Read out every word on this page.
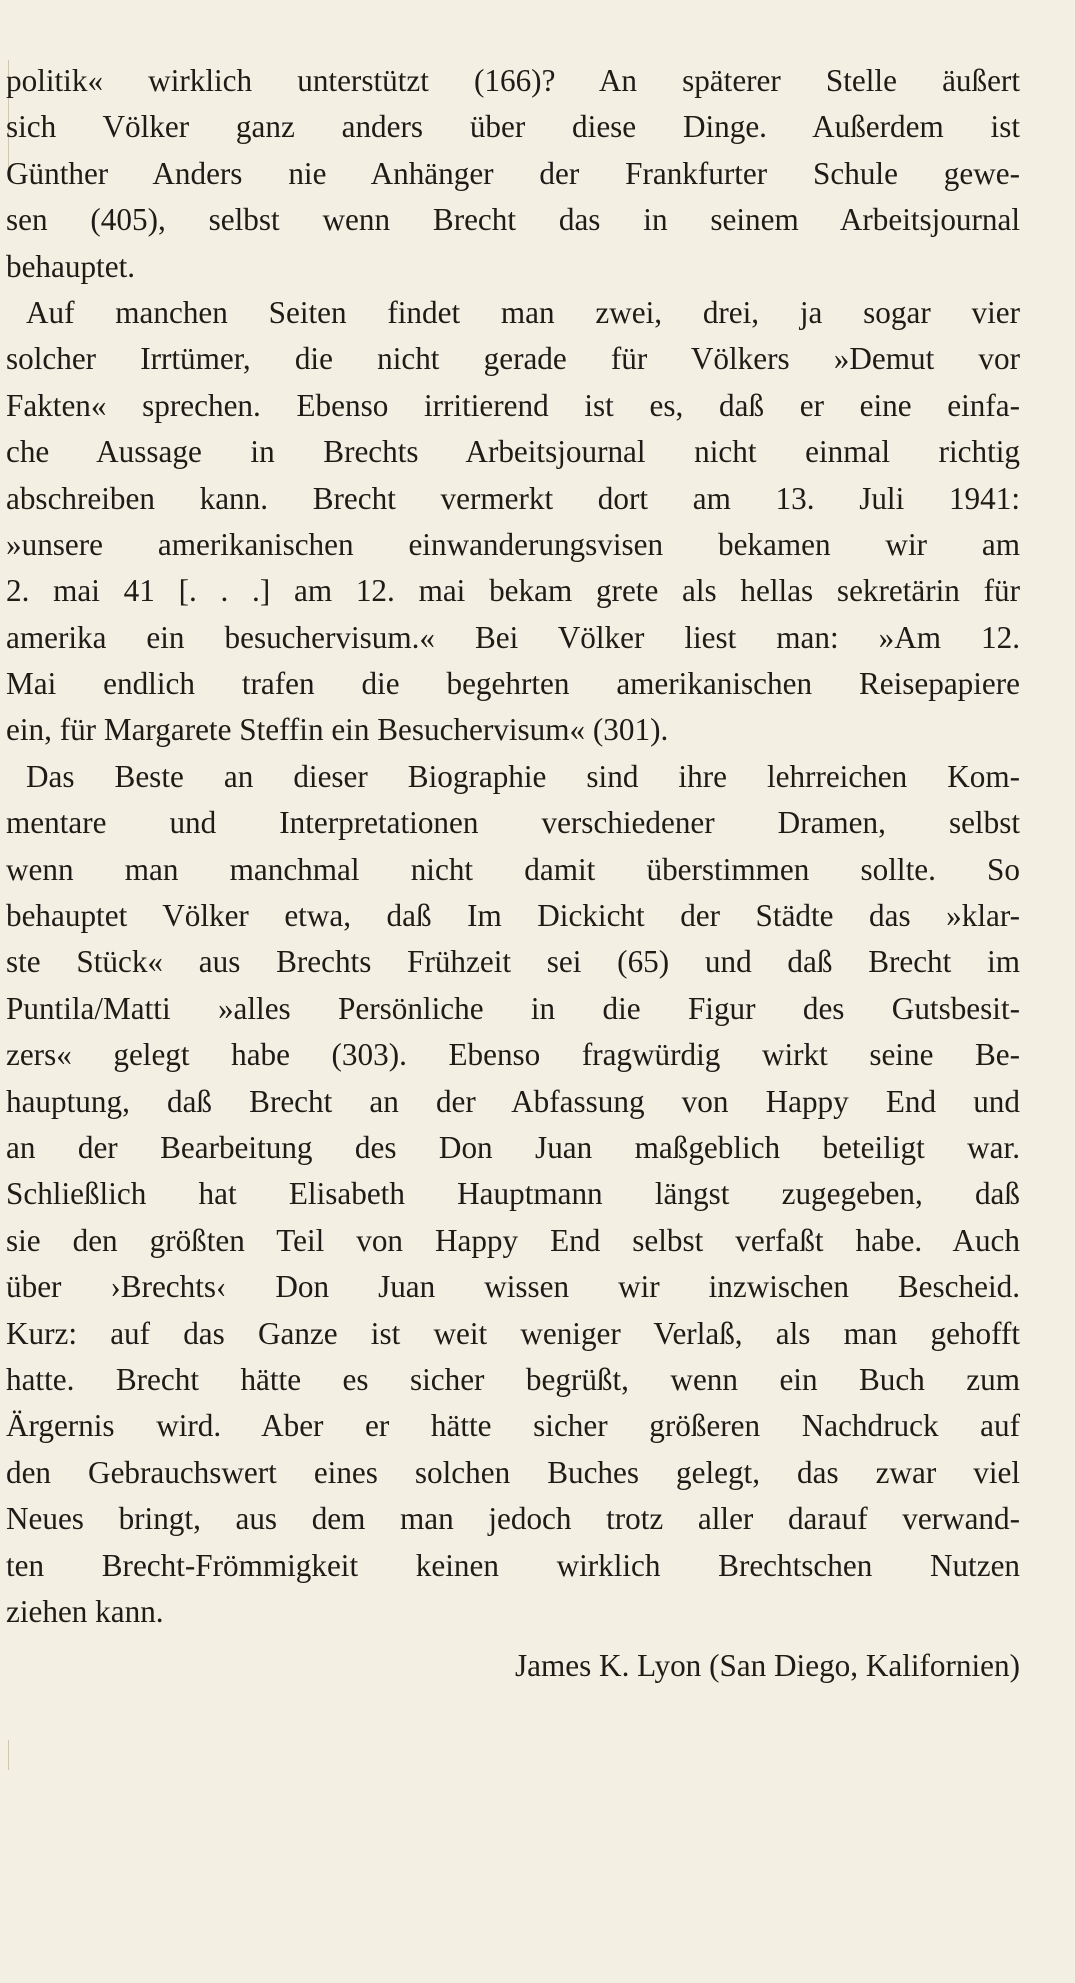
politik« wirklich unterstützt (166)? An späterer Stelle äußert
sich Völker ganz anders über diese Dinge. Außerdem ist
Günther Anders nie Anhänger der Frankfurter Schule gewe-
sen (405), selbst wenn Brecht das in seinem Arbeitsjournal
behauptet.
Auf manchen Seiten findet man zwei, drei, ja sogar vier
solcher Irrtümer, die nicht gerade für Völkers »Demut vor
Fakten« sprechen. Ebenso irritierend ist es, daß er eine einfa-
che Aussage in Brechts Arbeitsjournal nicht einmal richtig
abschreiben kann. Brecht vermerkt dort am 13. Juli 1941:
»unsere amerikanischen einwanderungsvisen bekamen wir am
2. mai 41 [. . .] am 12. mai bekam grete als hellas sekretärin für
amerika ein besuchervisum.« Bei Völker liest man: »Am 12.
Mai endlich trafen die begehrten amerikanischen Reisepapiere
ein, für Margarete Steffin ein Besuchervisum« (301).
Das Beste an dieser Biographie sind ihre lehrreichen Kom-
mentare und Interpretationen verschiedener Dramen, selbst
wenn man manchmal nicht damit überstimmen sollte. So
behauptet Völker etwa, daß Im Dickicht der Städte das »klar-
ste Stück« aus Brechts Frühzeit sei (65) und daß Brecht im
Puntila/Matti »alles Persönliche in die Figur des Gutsbesit-
zers« gelegt habe (303). Ebenso fragwürdig wirkt seine Be-
hauptung, daß Brecht an der Abfassung von Happy End und
an der Bearbeitung des Don Juan maßgeblich beteiligt war.
Schließlich hat Elisabeth Hauptmann längst zugegeben, daß
sie den größten Teil von Happy End selbst verfaßt habe. Auch
über ›Brechts‹ Don Juan wissen wir inzwischen Bescheid.
Kurz: auf das Ganze ist weit weniger Verlaß, als man gehofft
hatte. Brecht hätte es sicher begrüßt, wenn ein Buch zum
Ärgernis wird. Aber er hätte sicher größeren Nachdruck auf
den Gebrauchswert eines solchen Buches gelegt, das zwar viel
Neues bringt, aus dem man jedoch trotz aller darauf verwand-
ten Brecht-Frömmigkeit keinen wirklich Brechtschen Nutzen
ziehen kann.
James K. Lyon (San Diego, Kalifornien)
